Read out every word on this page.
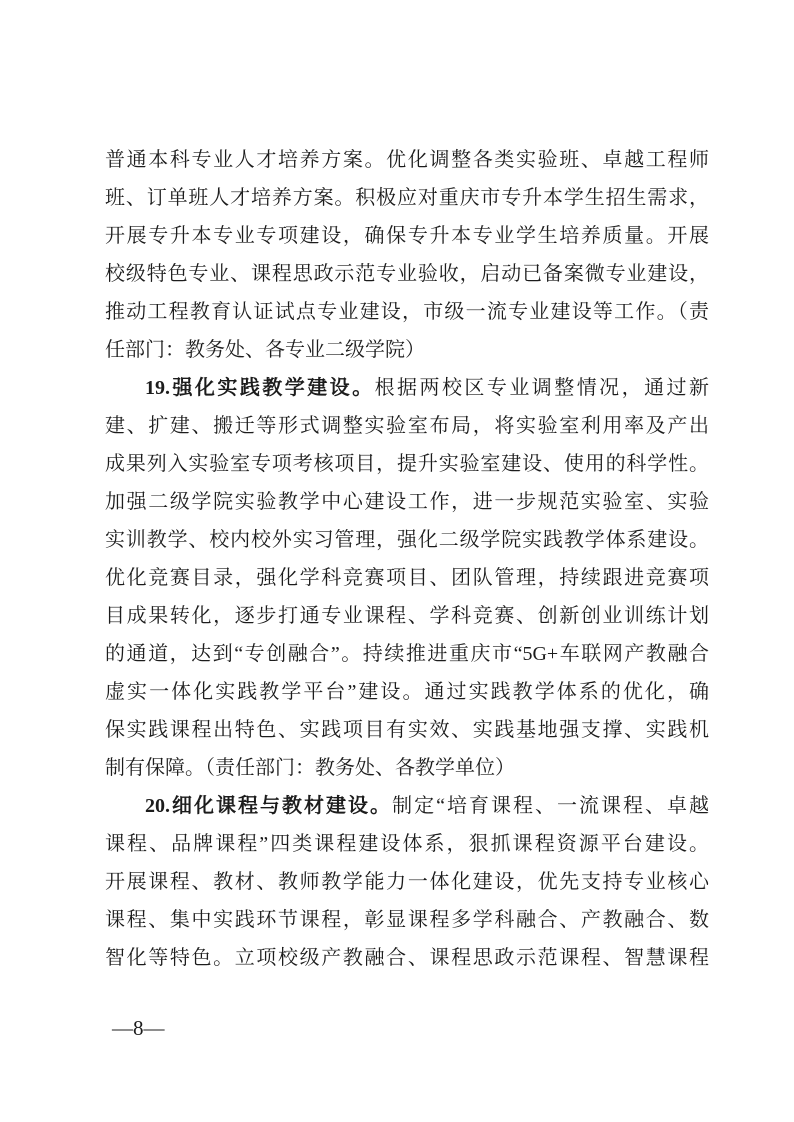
普通本科专业人才培养方案。优化调整各类实验班、卓越工程师
班、订单班人才培养方案。积极应对重庆市专升本学生招生需求，
开展专升本专业专项建设，确保专升本专业学生培养质量。开展
校级特色专业、课程思政示范专业验收，启动已备案微专业建设，
推动工程教育认证试点专业建设，市级一流专业建设等工作。（责
任部门：教务处、各专业二级学院）
19.强化实践教学建设。根据两校区专业调整情况，通过新
建、扩建、搬迁等形式调整实验室布局，将实验室利用率及产出
成果列入实验室专项考核项目，提升实验室建设、使用的科学性。
加强二级学院实验教学中心建设工作，进一步规范实验室、实验
实训教学、校内校外实习管理，强化二级学院实践教学体系建设。
优化竞赛目录，强化学科竞赛项目、团队管理，持续跟进竞赛项
目成果转化，逐步打通专业课程、学科竞赛、创新创业训练计划
的通道，达到“专创融合”。持续推进重庆市“5G+车联网产教融合
虚实一体化实践教学平台”建设。通过实践教学体系的优化，确
保实践课程出特色、实践项目有实效、实践基地强支撑、实践机
制有保障。（责任部门：教务处、各教学单位）
20.细化课程与教材建设。制定“培育课程、一流课程、卓越
课程、品牌课程”四类课程建设体系，狠抓课程资源平台建设。
开展课程、教材、教师教学能力一体化建设，优先支持专业核心
课程、集中实践环节课程，彰显课程多学科融合、产教融合、数
智化等特色。立项校级产教融合、课程思政示范课程、智慧课程
—8—
